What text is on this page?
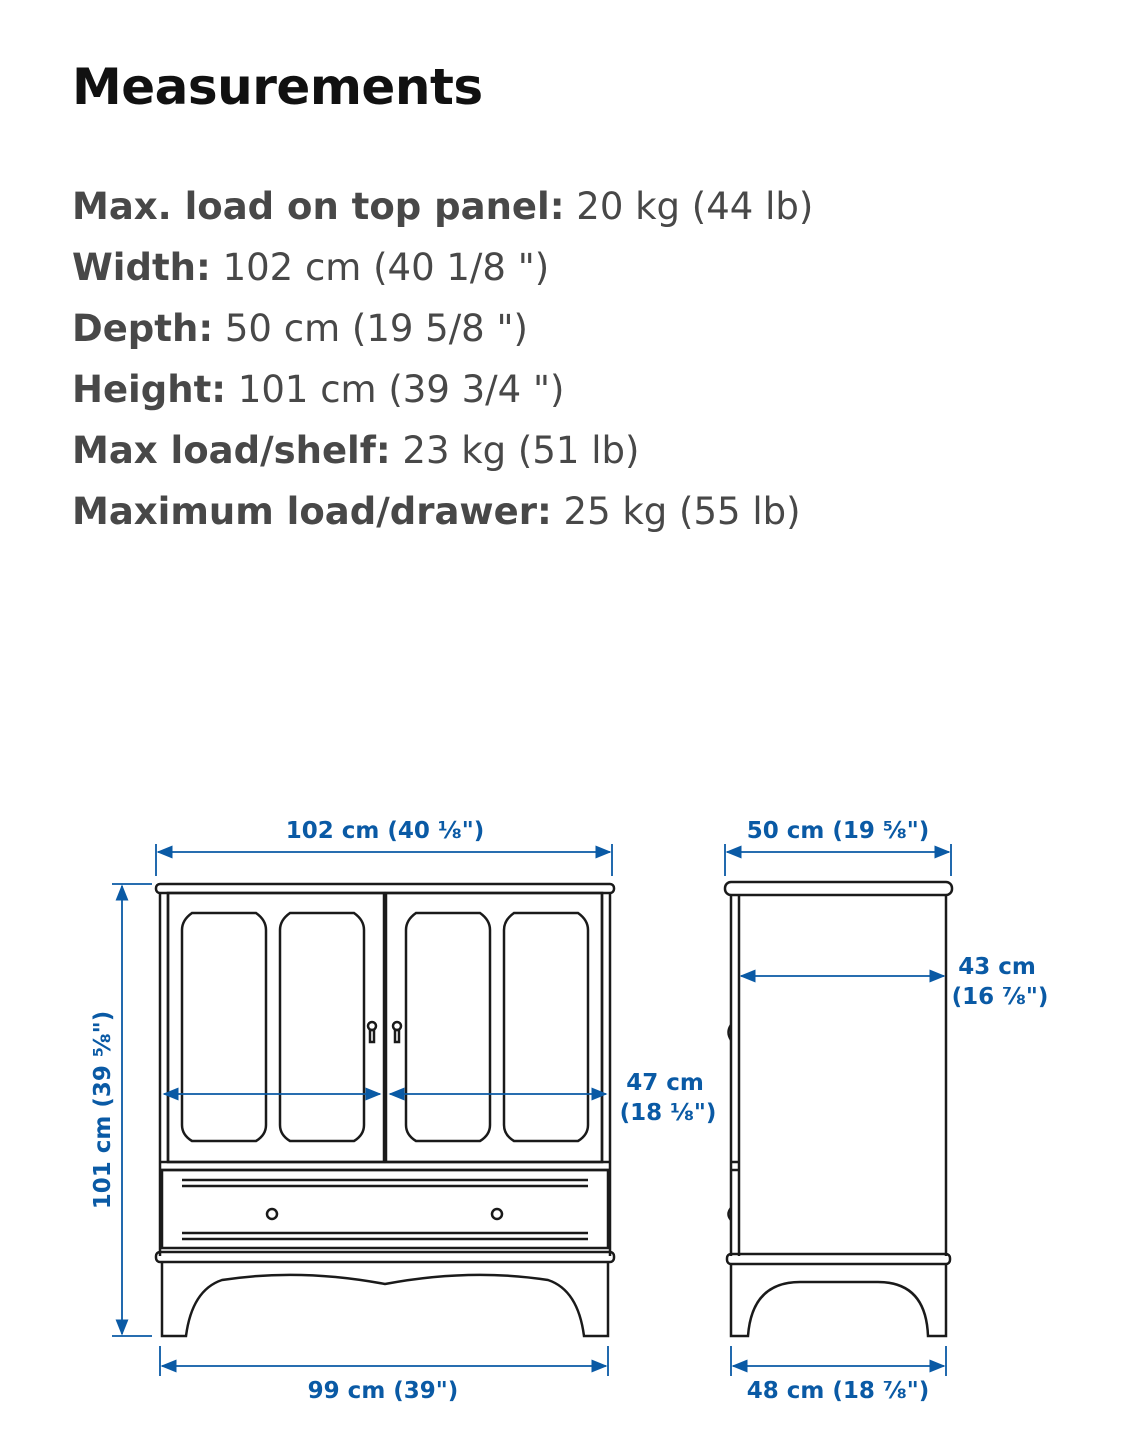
Measurements
Max. load on top panel: 20 kg (44 lb)
Width: 102 cm (40 1/8 ")
Depth: 50 cm (19 5/8 ")
Height: 101 cm (39 3/4 ")
Max load/shelf: 23 kg (51 lb)
Maximum load/drawer: 25 kg (55 lb)
102 cm (40 ⅛")
101 cm (39 ⅝")	47 cm
(18 ⅛")
99 cm (39")
50 cm (19 ⅝")
43 cm
(16 ⅞")
48 cm (18 ⅞")
